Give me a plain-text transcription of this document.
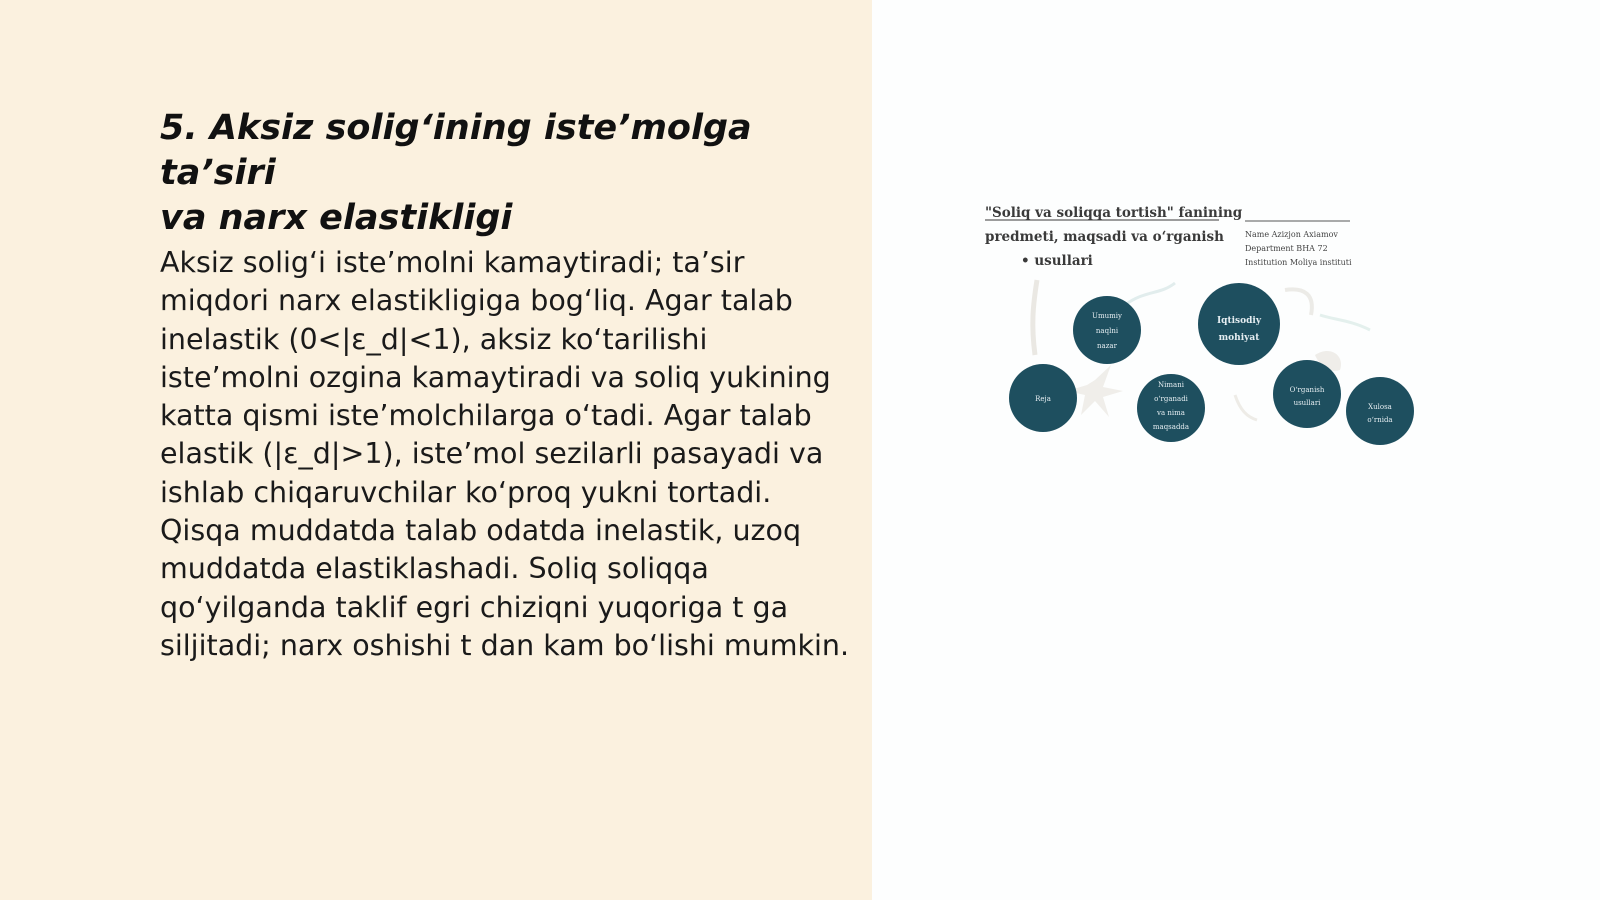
5. Aksiz solig‘ining iste’molga ta’siri
va narx elastikligi

Aksiz solig‘i iste’molni kamaytiradi; ta’sir miqdori narx elastikligiga bog‘liq. Agar talab inelastik (0<|ε_d|<1), aksiz ko‘tarilishi iste’molni ozgina kamaytiradi va soliq yukining katta qismi iste’molchilarga o‘tadi. Agar talab elastik (|ε_d|>1), iste’mol sezilarli pasayadi va ishlab chiqaruvchilar ko‘proq yukni tortadi. Qisqa muddatda talab odatda inelastik, uzoq muddatda elastiklashadi. Soliq soliqqa qo‘yilganda taklif egri chiziqni yuqoriga t ga siljitadi; narx oshishi t dan kam bo‘lishi mumkin.

"Soliq va soliqqa tortish" fanining
predmeti, maqsadi va o‘rganish
• usullari
Name Azizjon Axiamov
Department BHA 72
Institution Moliya instituti
Umumiy
naqlni
nazar
Iqtisodiy
mohiyat
Reja
Nimani
o‘rganadi
va nima
maqsadda
O‘rganish
usullari	Xulosa
o‘rnida
